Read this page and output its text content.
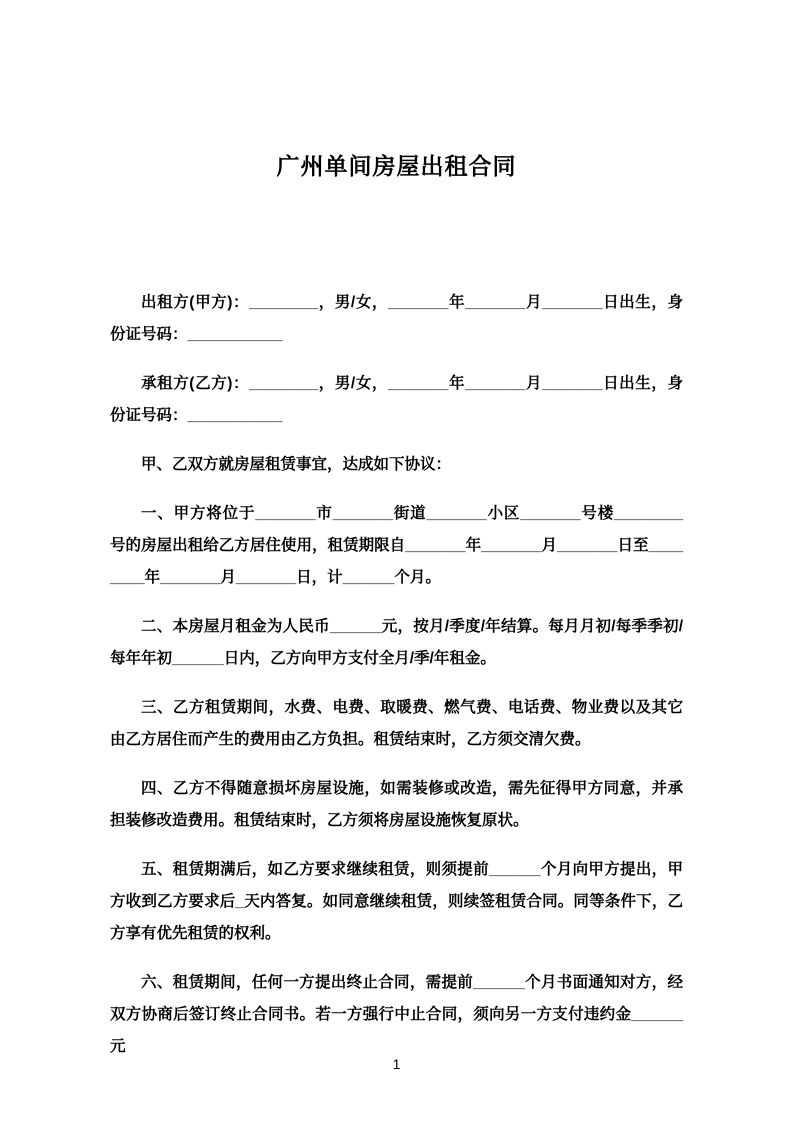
广州单间房屋出租合同

出租方(甲方)：________，男/女，_______年_______月_______日出生，身份证号码：___________

承租方(乙方)：________，男/女，_______年_______月_______日出生，身份证号码：___________

甲、乙双方就房屋租赁事宜，达成如下协议：

一、甲方将位于_______市_______街道_______小区_______号楼________号的房屋出租给乙方居住使用，租赁期限自_______年_______月_______日至________年_______月_______日，计______个月。

二、本房屋月租金为人民币______元，按月/季度/年结算。每月月初/每季季初/每年年初______日内，乙方向甲方支付全月/季/年租金。

三、乙方租赁期间，水费、电费、取暖费、燃气费、电话费、物业费以及其它由乙方居住而产生的费用由乙方负担。租赁结束时，乙方须交清欠费。

四、乙方不得随意损坏房屋设施，如需装修或改造，需先征得甲方同意，并承担装修改造费用。租赁结束时，乙方须将房屋设施恢复原状。

五、租赁期满后，如乙方要求继续租赁，则须提前______个月向甲方提出，甲方收到乙方要求后_天内答复。如同意继续租赁，则续签租赁合同。同等条件下，乙方享有优先租赁的权利。

六、租赁期间，任何一方提出终止合同，需提前______个月书面通知对方，经双方协商后签订终止合同书。若一方强行中止合同，须向另一方支付违约金______元

1
